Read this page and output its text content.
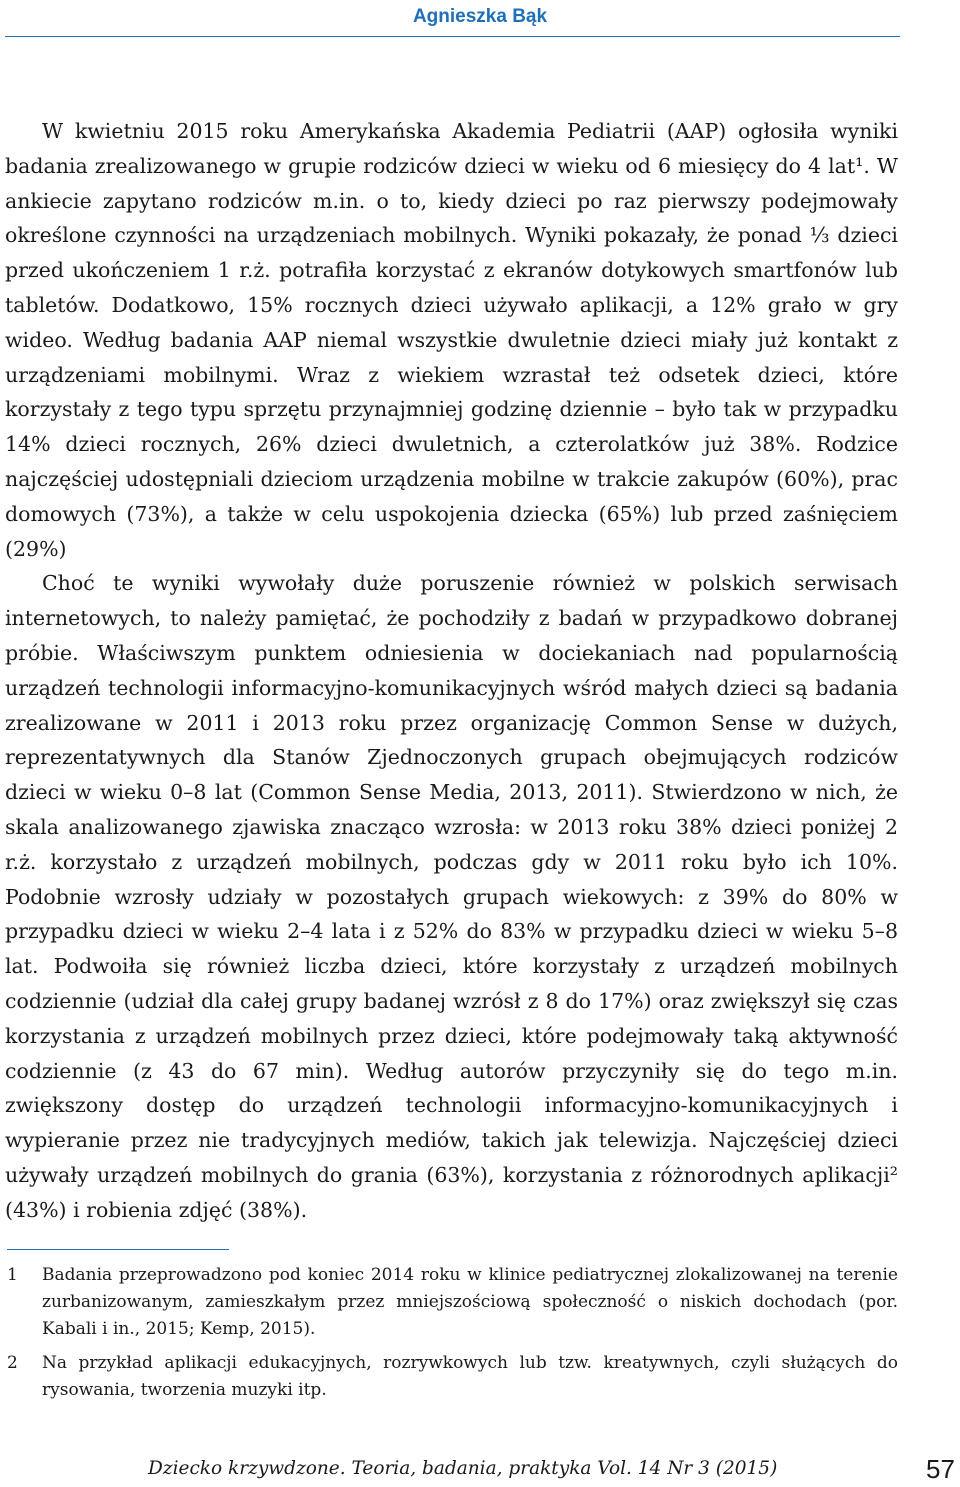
Agnieszka Bąk

W kwietniu 2015 roku Amerykańska Akademia Pediatrii (AAP) ogłosiła wyniki badania zrealizowanego w grupie rodziców dzieci w wieku od 6 miesięcy do 4 lat¹. W ankiecie zapytano rodziców m.in. o to, kiedy dzieci po raz pierwszy podejmowały określone czynności na urządzeniach mobilnych. Wyniki pokazały, że ponad ⅓ dzieci przed ukończeniem 1 r.ż. potrafiła korzystać z ekranów dotykowych smartfonów lub tabletów. Dodatkowo, 15% rocznych dzieci używało aplikacji, a 12% grało w gry wideo. Według badania AAP niemal wszystkie dwuletnie dzieci miały już kontakt z urządzeniami mobilnymi. Wraz z wiekiem wzrastał też odsetek dzieci, które korzystały z tego typu sprzętu przynajmniej godzinę dziennie – było tak w przypadku 14% dzieci rocznych, 26% dzieci dwuletnich, a czterolatków już 38%. Rodzice najczęściej udostępniali dzieciom urządzenia mobilne w trakcie zakupów (60%), prac domowych (73%), a także w celu uspokojenia dziecka (65%) lub przed zaśnięciem (29%)

Choć te wyniki wywołały duże poruszenie również w polskich serwisach internetowych, to należy pamiętać, że pochodziły z badań w przypadkowo dobranej próbie. Właściwszym punktem odniesienia w dociekaniach nad popularnością urządzeń technologii informacyjno-komunikacyjnych wśród małych dzieci są badania zrealizowane w 2011 i 2013 roku przez organizację Common Sense w dużych, reprezentatywnych dla Stanów Zjednoczonych grupach obejmujących rodziców dzieci w wieku 0–8 lat (Common Sense Media, 2013, 2011). Stwierdzono w nich, że skala analizowanego zjawiska znacząco wzrosła: w 2013 roku 38% dzieci poniżej 2 r.ż. korzystało z urządzeń mobilnych, podczas gdy w 2011 roku było ich 10%. Podobnie wzrosły udziały w pozostałych grupach wiekowych: z 39% do 80% w przypadku dzieci w wieku 2–4 lata i z 52% do 83% w przypadku dzieci w wieku 5–8 lat. Podwoiła się również liczba dzieci, które korzystały z urządzeń mobilnych codziennie (udział dla całej grupy badanej wzrósł z 8 do 17%) oraz zwiększył się czas korzystania z urządzeń mobilnych przez dzieci, które podejmowały taką aktywność codziennie (z 43 do 67 min). Według autorów przyczyniły się do tego m.in. zwiększony dostęp do urządzeń technologii informacyjno-komunikacyjnych i wypieranie przez nie tradycyjnych mediów, takich jak telewizja. Najczęściej dzieci używały urządzeń mobilnych do grania (63%), korzystania z różnorodnych aplikacji² (43%) i robienia zdjęć (38%).

1	Badania przeprowadzono pod koniec 2014 roku w klinice pediatrycznej zlokalizowanej na terenie zurbanizowanym, zamieszkałym przez mniejszościową społeczność o niskich dochodach (por. Kabali i in., 2015; Kemp, 2015).
2	Na przykład aplikacji edukacyjnych, rozrywkowych lub tzw. kreatywnych, czyli służących do rysowania, tworzenia muzyki itp.
Dziecko krzywdzone. Teoria, badania, praktyka Vol. 14 Nr 3 (2015)	57
